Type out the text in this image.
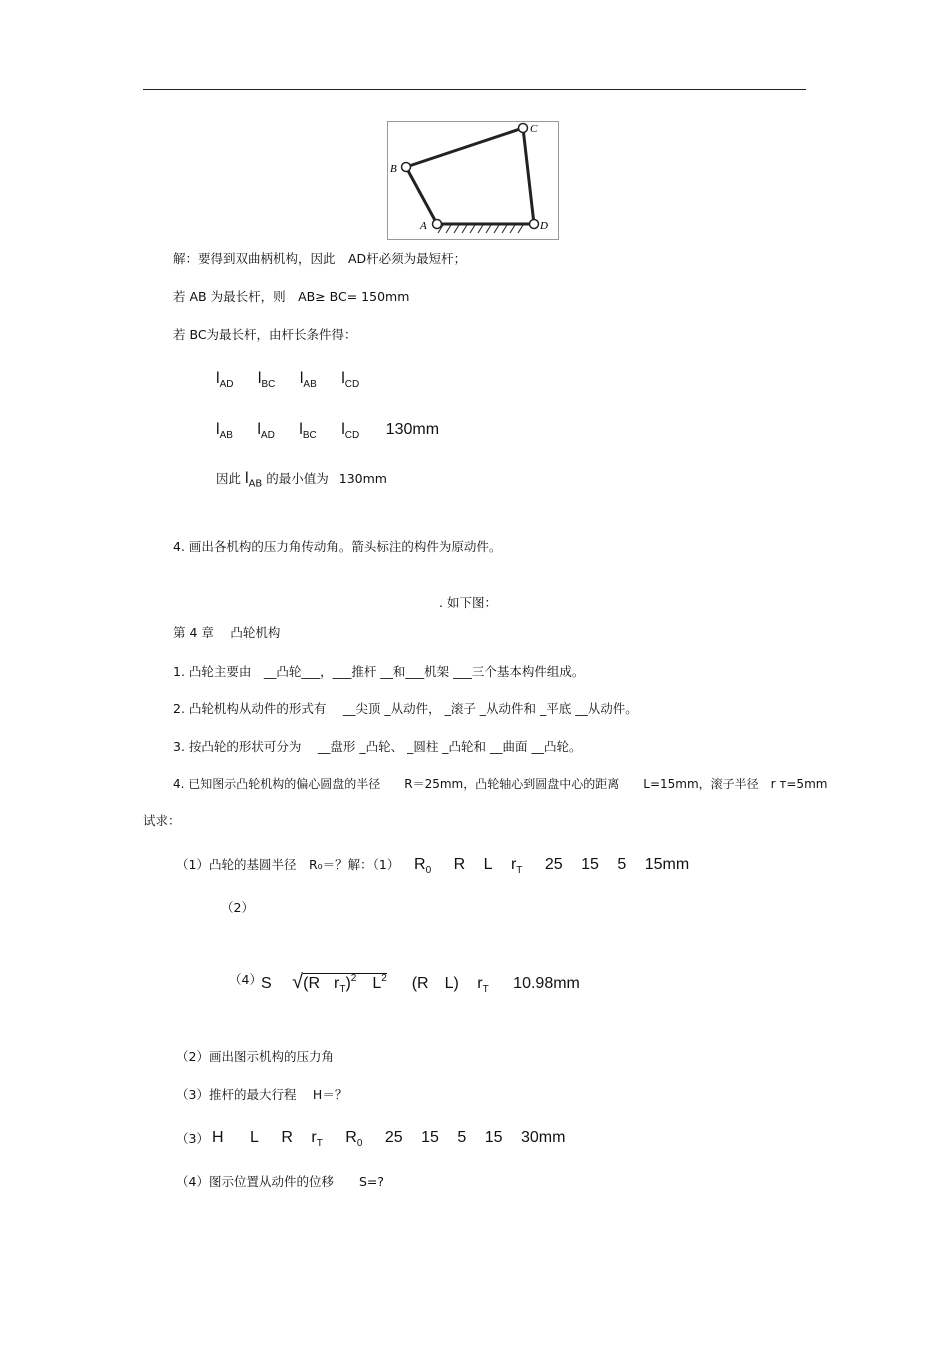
A
B
C
D
解：要得到双曲柄机构，因此　AD杆必须为最短杆；
若 AB 为最长杆，则　AB≥ BC= 150mm
若 BC为最长杆，由杆长条件得：
$l_{AD}$ $l_{BC}$ $l_{AB}$ $l_{CD}$
$l_{AB}$ $l_{AD}$ $l_{BC}$ $l_{CD}$ 130mm
因此 $l_{AB}$ 的最小值为 130mm
4. 画出各机构的压力角传动角。箭头标注的构件为原动件。
. 如下图：
第 4 章　 凸轮机构
1. 凸轮主要由　__凸轮___，___推杆 __和___机架 ___三个基本构件组成。
2. 凸轮机构从动件的形式有　 __尖顶 _从动件， _滚子 _从动件和 _平底 __从动件。
3. 按凸轮的形状可分为　 __盘形 _凸轮、 _圆柱 _凸轮和 __曲面 __凸轮。
4. 已知图示凸轮机构的偏心圆盘的半径　　R＝25mm，凸轮轴心到圆盘中心的距离　　L=15mm，滚子半径　r т=5mm
试求：
（1）凸轮的基圆半径　R₀＝？解：（1） $R_0$ R L $r_T$ 25 15 5 15mm
（2）
（4） S √(R $r_T)^2$ $L^2$ (R　L) $r_T$ 10.98mm
（2）画出图示机构的压力角
（3）推杆的最大行程　 H＝？
（3） H L R $r_T$ $R_0$ 25 15 5 15 30mm
（4）图示位置从动件的位移　　S=?
